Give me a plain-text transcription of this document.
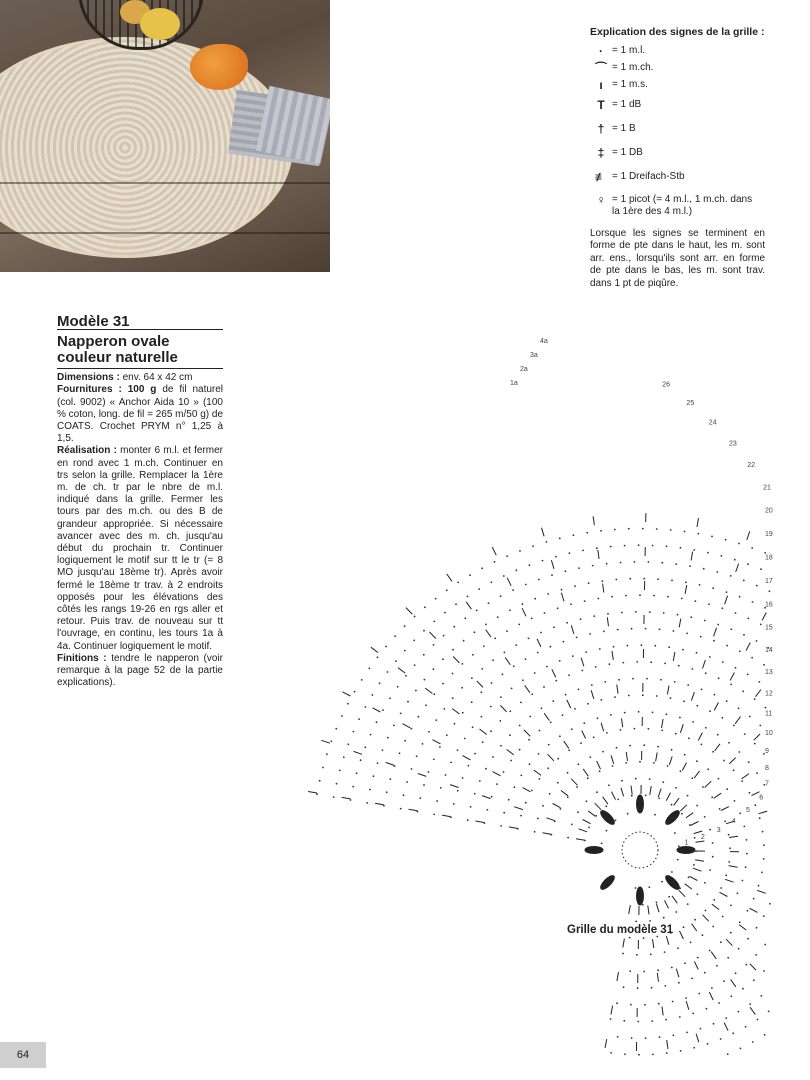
Explication des signes de la grille :
· = 1 m.l.
⌒ = 1 m.ch.
ı = 1 m.s.
T = 1 dB
† = 1 B
‡ = 1 DB
≢ = 1 Dreifach-Stb
♀ = 1 picot (= 4 m.l., 1 m.ch. dans la 1ère des 4 m.l.)
Lorsque les signes se terminent en forme de pte dans le haut, les m. sont arr. ens., lorsqu'ils sont arr. en forme de pte dans le bas, les m. sont trav. dans 1 pt de piqûre.
Modèle 31
Napperon ovale couleur naturelle
Dimensions : env. 64 x 42 cm
Fournitures : 100 g de fil naturel (col. 9002) « Anchor Aida 10 » (100 % coton, long. de fil = 265 m/50 g) de COATS. Crochet PRYM n° 1,25 à 1,5.
Réalisation : monter 6 m.l. et fermer en rond avec 1 m.ch. Continuer en trs selon la grille. Remplacer la 1ère m. de ch. tr par le nbre de m.l. indiqué dans la grille. Fermer les tours par des m.ch. ou des B de grandeur appropriée. Si nécessaire avancer avec des m. ch. jusqu'au début du prochain tr. Continuer logiquement le motif sur tt le tr (= 8 MO jusqu'au 18ème tr). Après avoir fermé le 18ème tr trav. à 2 endroits opposés pour les élévations des côtés les rangs 19-26 en rgs aller et retour. Puis trav. de nouveau sur tt l'ouvrage, en continu, les tours 1a à 4a. Continuer logiquement le motif.
Finitions : tendre le napperon (voir remarque à la page 52 de la partie explications).
1
2
3
4
5
6
7
8
9
10
11
12
13
14
15
16
17
18
19
20
21
22
23
24
25
26
1a
2a
3a
4a
Grille du modèle 31
64
